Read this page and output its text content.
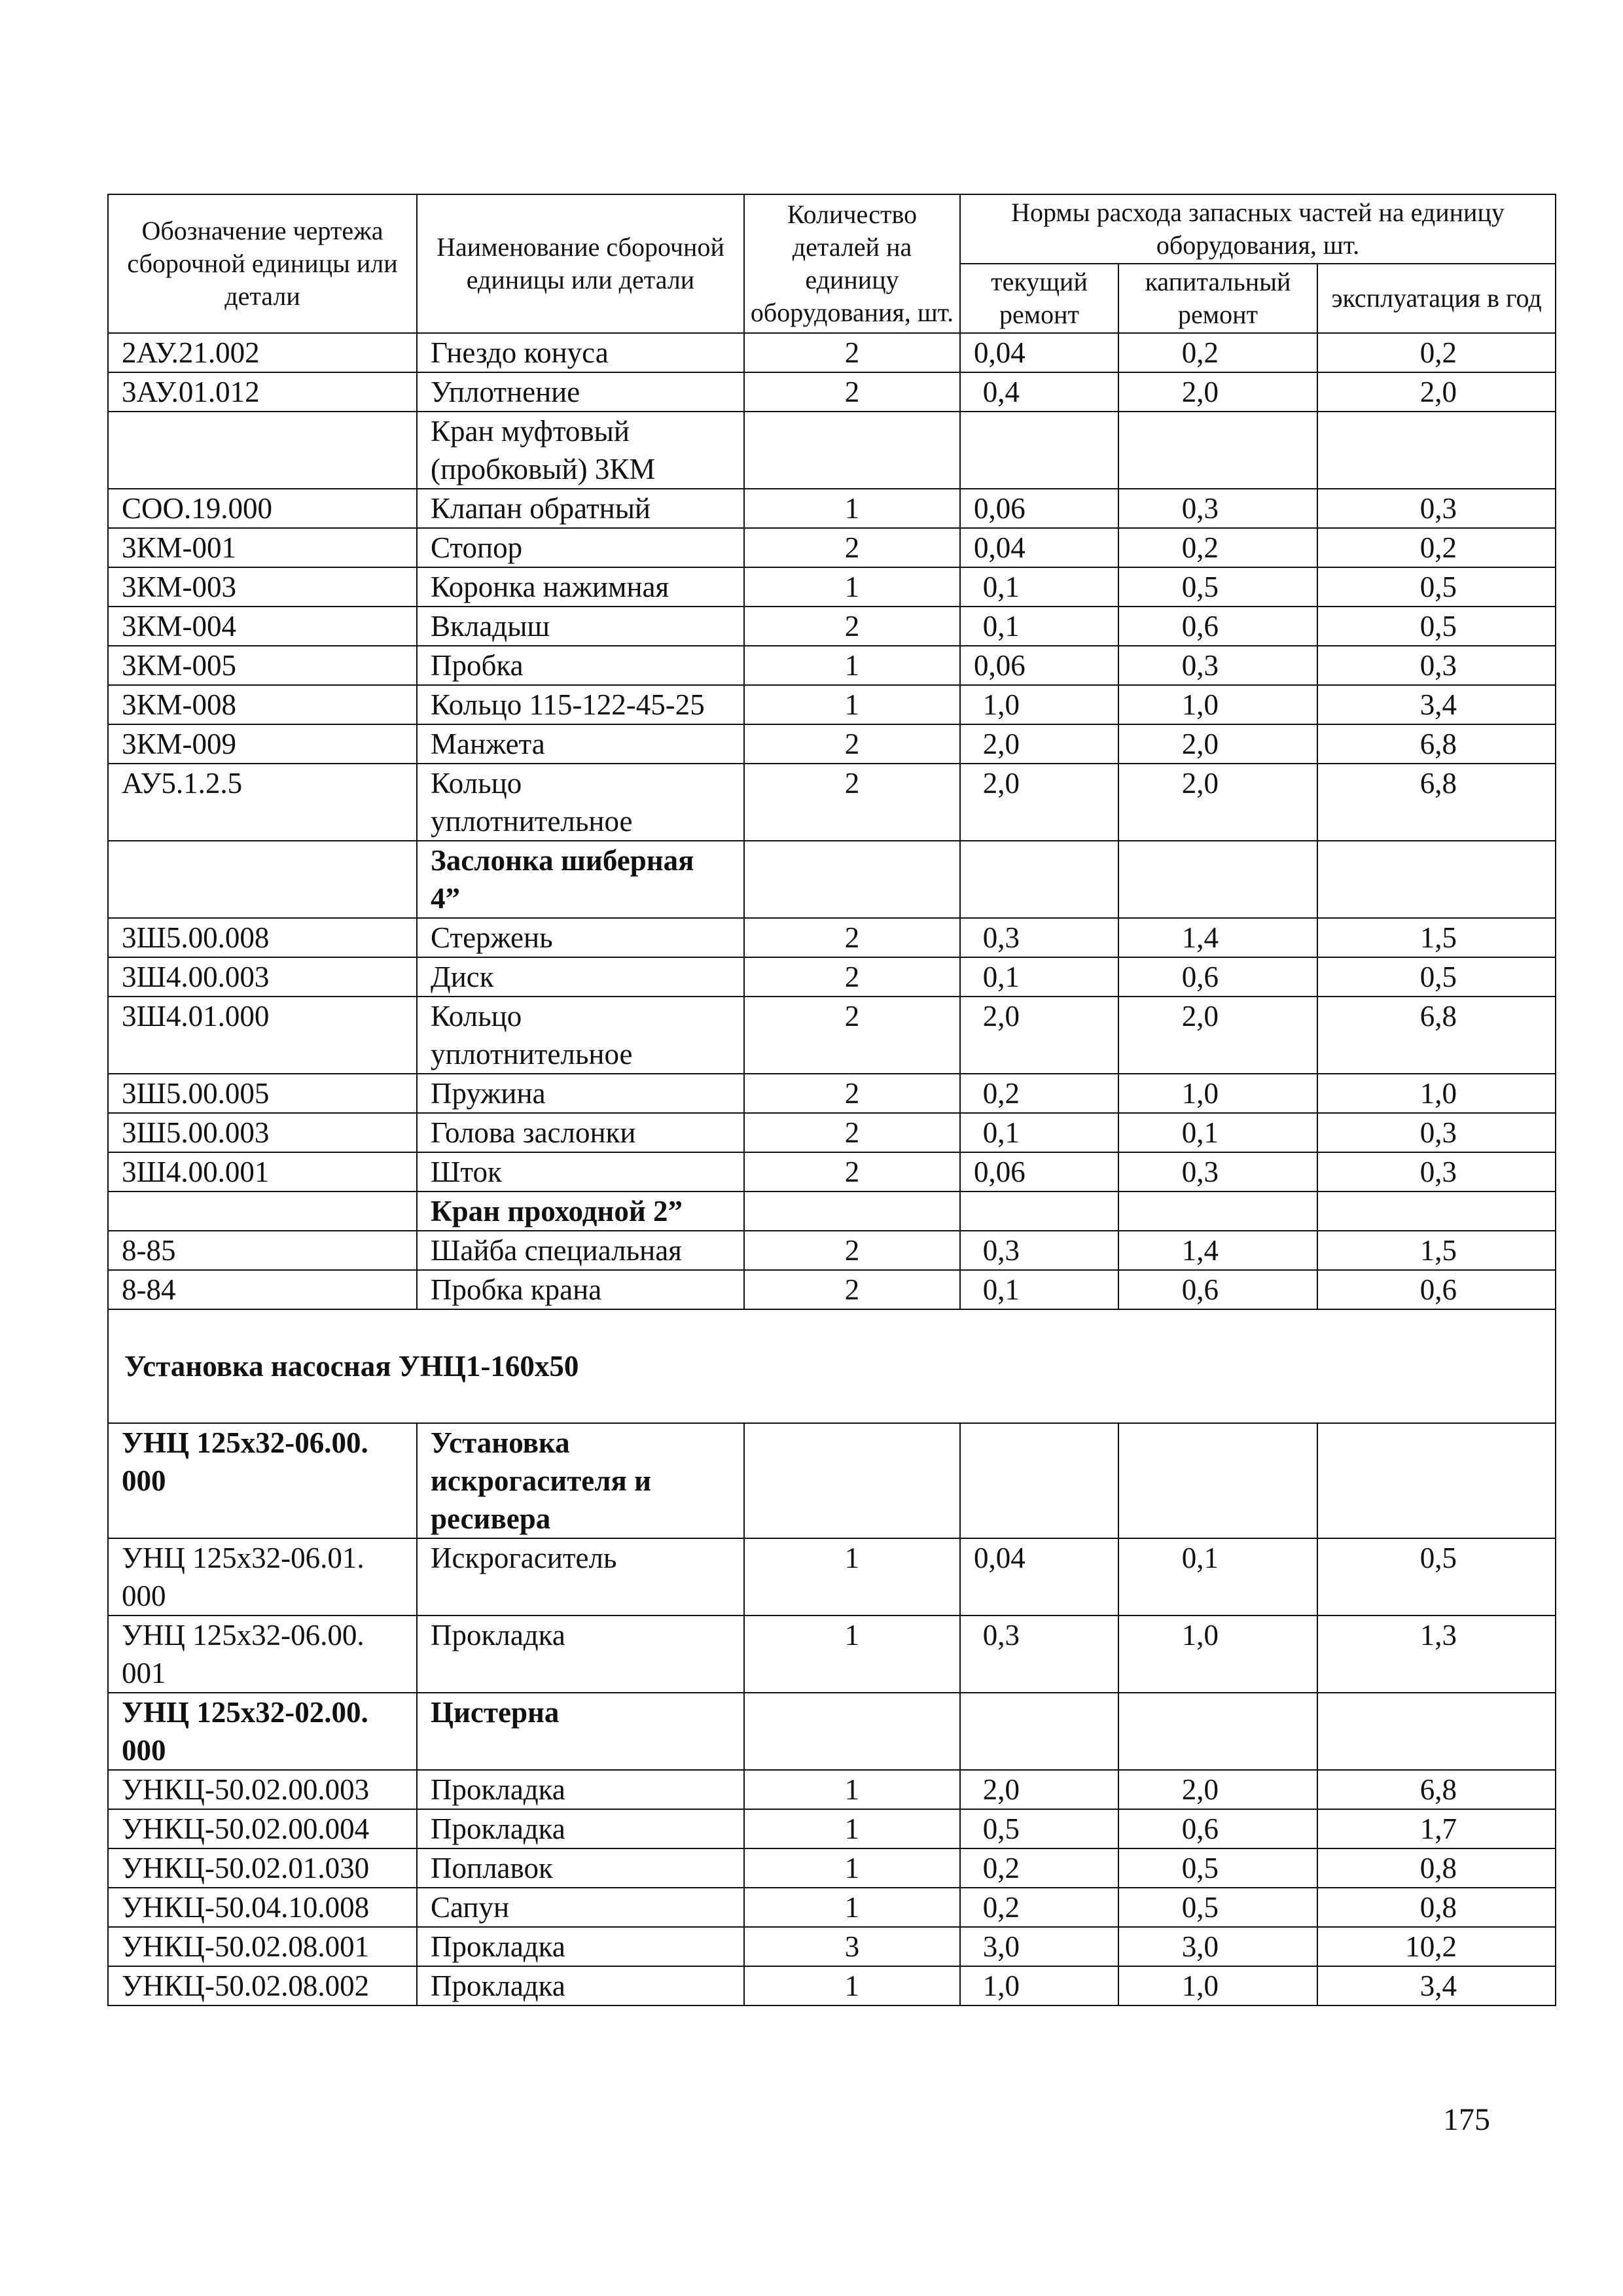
Обозначение чертежа сборочной единицы или детали	Наименование сборочной единицы или детали	Количество деталей на единицу оборудования, шт.	Нормы расхода запасных частей на единицу оборудования, шт.		
			текущий ремонт	капитальный ремонт	эксплуатация в год
2АУ.21.002	Гнездо конуса	2	0,04	0,2	0,2
3АУ.01.012	Уплотнение	2	0,4	2,0	2,0
	Кран муфтовый (пробковый) 3КМ				
СОО.19.000	Клапан обратный	1	0,06	0,3	0,3
3КМ-001	Стопор	2	0,04	0,2	0,2
3КМ-003	Коронка нажимная	1	0,1	0,5	0,5
3КМ-004	Вкладыш	2	0,1	0,6	0,5
3КМ-005	Пробка	1	0,06	0,3	0,3
3КМ-008	Кольцо 115-122-45-25	1	1,0	1,0	3,4
3КМ-009	Манжета	2	2,0	2,0	6,8
АУ5.1.2.5	Кольцо уплотнительное	2	2,0	2,0	6,8
	Заслонка шиберная 4”				
3Ш5.00.008	Стержень	2	0,3	1,4	1,5
3Ш4.00.003	Диск	2	0,1	0,6	0,5
3Ш4.01.000	Кольцо уплотнительное	2	2,0	2,0	6,8
3Ш5.00.005	Пружина	2	0,2	1,0	1,0
3Ш5.00.003	Голова заслонки	2	0,1	0,1	0,3
3Ш4.00.001	Шток	2	0,06	0,3	0,3
	Кран проходной 2”				
8-85	Шайба специальная	2	0,3	1,4	1,5
8-84	Пробка крана	2	0,1	0,6	0,6
Установка насосная УНЦ1-160х50					
УНЦ 125х32-06.00. 000	Установка искрогасителя и ресивера				
УНЦ 125х32-06.01. 000	Искрогаситель	1	0,04	0,1	0,5
УНЦ 125х32-06.00. 001	Прокладка	1	0,3	1,0	1,3
УНЦ 125х32-02.00. 000	Цистерна				
УНКЦ-50.02.00.003	Прокладка	1	2,0	2,0	6,8
УНКЦ-50.02.00.004	Прокладка	1	0,5	0,6	1,7
УНКЦ-50.02.01.030	Поплавок	1	0,2	0,5	0,8
УНКЦ-50.04.10.008	Сапун	1	0,2	0,5	0,8
УНКЦ-50.02.08.001	Прокладка	3	3,0	3,0	10,2
УНКЦ-50.02.08.002	Прокладка	1	1,0	1,0	3,4
175
